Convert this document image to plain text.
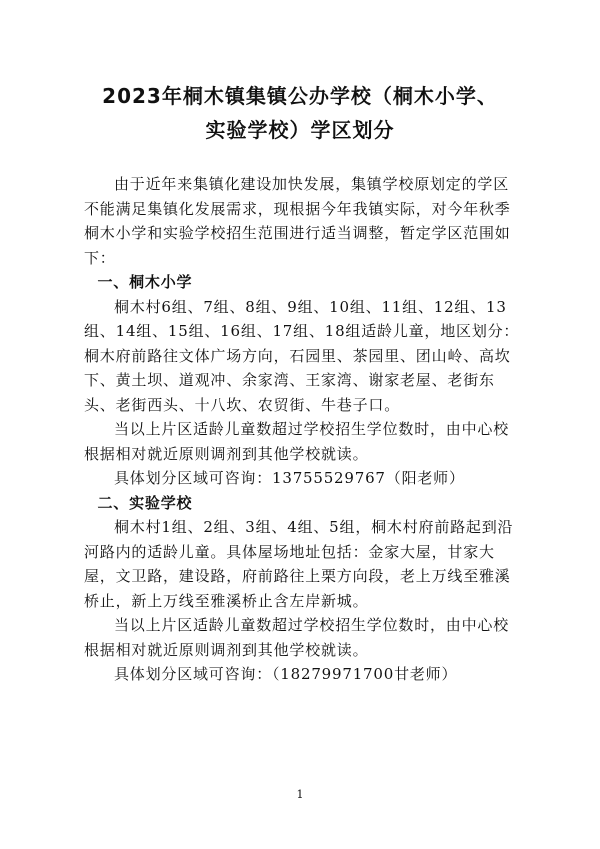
2023年桐木镇集镇公办学校（桐木小学、
实验学校）学区划分

由于近年来集镇化建设加快发展，集镇学校原划定的学区不能满足集镇化发展需求，现根据今年我镇实际，对今年秋季桐木小学和实验学校招生范围进行适当调整，暂定学区范围如下：

一、桐木小学

桐木村6组、7组、8组、9组、10组、11组、12组、13组、14组、15组、16组、17组、18组适龄儿童，地区划分：桐木府前路往文体广场方向，石园里、茶园里、团山岭、高坎下、黄土坝、道观冲、余家湾、王家湾、谢家老屋、老街东头、老街西头、十八坎、农贸街、牛巷子口。

当以上片区适龄儿童数超过学校招生学位数时，由中心校根据相对就近原则调剂到其他学校就读。

具体划分区域可咨询：13755529767（阳老师）

二、实验学校

桐木村1组、2组、3组、4组、5组，桐木村府前路起到沿河路内的适龄儿童。具体屋场地址包括：金家大屋，甘家大屋，文卫路，建设路，府前路往上栗方向段，老上万线至雅溪桥止，新上万线至雅溪桥止含左岸新城。

当以上片区适龄儿童数超过学校招生学位数时，由中心校根据相对就近原则调剂到其他学校就读。

具体划分区域可咨询：（18279971700甘老师）

1
